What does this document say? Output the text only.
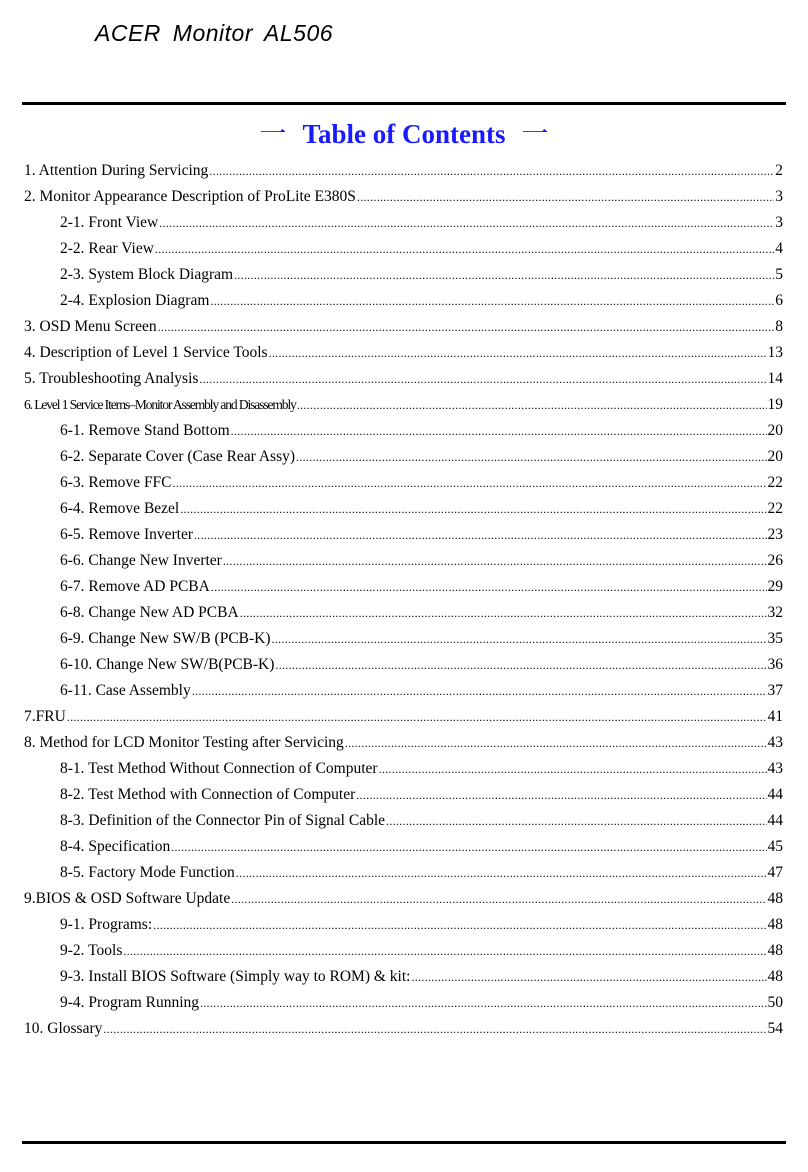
ACER Monitor AL506
一 Table of Contents 一
1. Attention During Servicing .....	2
2. Monitor Appearance Description of ProLite E380S .....	3
2-1. Front View .....	3
2-2. Rear View .....	4
2-3. System Block Diagram .....	5
2-4. Explosion Diagram .....	6
3. OSD Menu Screen .....	8
4. Description of Level 1 Service Tools .....	13
5. Troubleshooting Analysis .....	14
6. Level 1 Service Items–Monitor Assembly and Disassembly .....	19
6-1. Remove Stand Bottom .....	20
6-2. Separate Cover (Case Rear Assy) .....	20
6-3. Remove FFC .....	22
6-4. Remove Bezel .....	22
6-5. Remove Inverter .....	23
6-6. Change New Inverter .....	26
6-7. Remove AD PCBA .....	29
6-8. Change New AD PCBA .....	32
6-9. Change New SW/B (PCB-K) .....	35
6-10. Change New SW/B(PCB-K) .....	36
6-11. Case Assembly .....	37
7.FRU .....	41
8. Method for LCD Monitor Testing after Servicing .....	43
8-1. Test Method Without Connection of Computer .....	43
8-2. Test Method with Connection of Computer .....	44
8-3. Definition of the Connector Pin of Signal Cable .....	44
8-4. Specification .....	45
8-5. Factory Mode Function .....	47
9.BIOS & OSD Software Update .....	48
9-1. Programs: .....	48
9-2. Tools .....	48
9-3. Install BIOS Software (Simply way to ROM) & kit: .....	48
9-4. Program Running .....	50
10. Glossary .....	54
